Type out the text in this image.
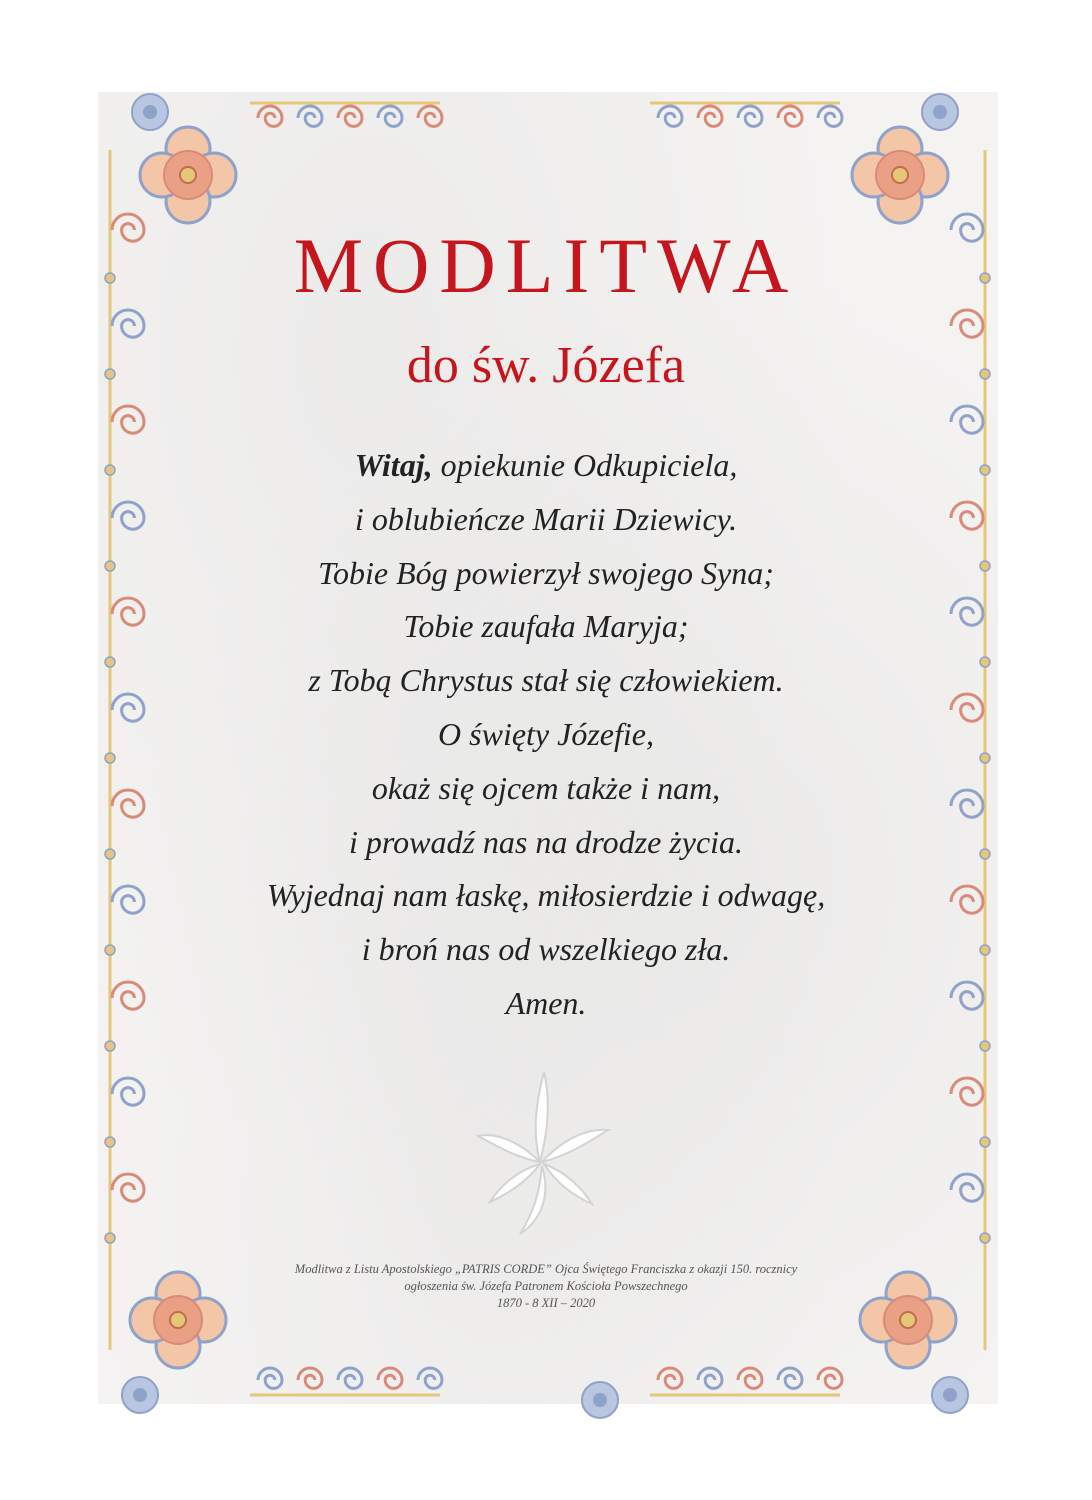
MODLITWA
do św. Józefa
Witaj, opiekunie Odkupiciela,
i oblubieńcze Marii Dziewicy.
Tobie Bóg powierzył swojego Syna;
Tobie zaufała Maryja;
z Tobą Chrystus stał się człowiekiem.
O święty Józefie,
okaż się ojcem także i nam,
i prowadź nas na drodze życia.
Wyjednaj nam łaskę, miłosierdzie i odwagę,
i broń nas od wszelkiego zła.
Amen.
Modlitwa z Listu Apostolskiego „PATRIS CORDE” Ojca Świętego Franciszka z okazji 150. rocznicy
ogłoszenia św. Józefa Patronem Kościoła Powszechnego
1870 - 8 XII – 2020
